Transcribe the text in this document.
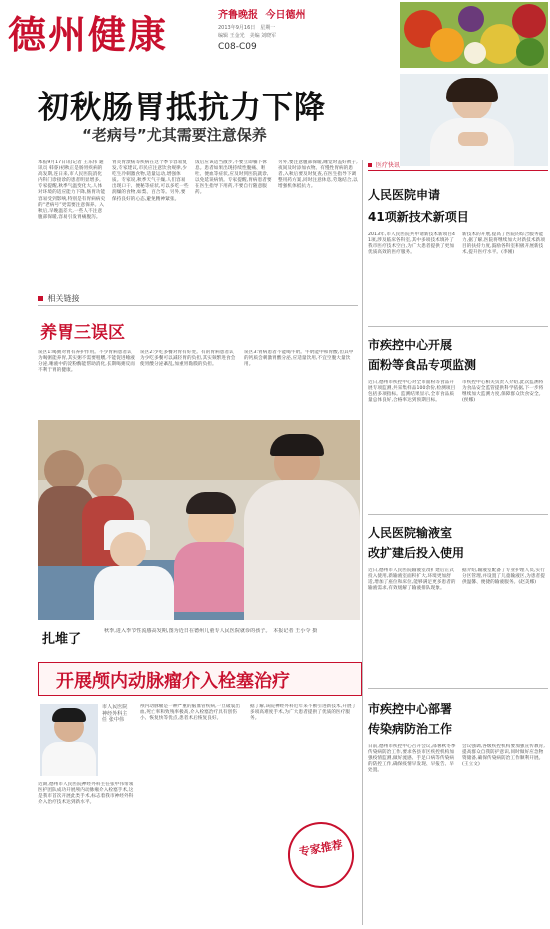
德州健康	齐鲁晚报 今日德州
2013年9月16日　星期一
编辑 王金光　美编 刘晓军
C08-C09
初秋肠胃抵抗力下降
“老病号”尤其需要注意保养
本报9月17日讯(记者 王乐伟 通讯员 韩睿)初秋正是肠胃疾病的高发期,连日来,市人民医院消化内科门诊接诊的患者明显增多。专家提醒,秋季气温变化大,人体对环境的适应能力下降,肠胃功能容易受到影响,特别是有胃病病史的“老病号”更需要注意保养。入秋后,早晚温差大,一些人不注意腹部保暖,容易引发胃痛腹泻。
胃炎胃溃疡等疾病在这个季节容易复发,专家建议,市民应注意饮食规律,少吃生冷刺激食物,适量运动,增强体质。专家说,秋季天气干燥,人们容易出现口干、便秘等症状,可以多吃一些润燥的食物,如梨、百合等。另外,要保持良好的心态,避免精神紧张。
饭后应该适当散步,不要立即躺下休息。患者如果出现持续性腹痛、呕吐、便血等症状,应及时到医院就诊,以免延误病情。专家提醒,胃病患者要在医生指导下用药,不要自行随意服药。
另外,要注意腹部保暖,睡觉时盖好被子,夜间及时添加衣物。有慢性胃病的患者,入秋后要及时复查,在医生指导下调整用药方案,同时注意休息,劳逸结合,以增强机体抵抗力。
相关链接
养胃三误区
误区1:喝粥对胃有养护作用。不少胃病患者认为喝粥能养胃,其实粥不需要咀嚼,不能促进唾液分泌,唾液中的淀粉酶能帮助消化,长期喝粥反而不利于胃的健康。
误区2:少吃多餐对胃有好处。有的胃病患者认为少吃多餐可以减轻胃的负担,其实频繁进食会使胃酸分泌紊乱,加重胃黏膜的负担。
误区3:胃病患者不能喝牛奶。牛奶能中和胃酸,但其中的钙质会刺激胃酸分泌,应适量饮用,不宜空腹大量饮用。
扎堆了
秋季,进入季节性流感高发期,图为近日在德州儿童专人民医院就诊的孩子。　本报记者 王小令 摄
开展颅内动脉瘤介入栓塞治疗
市人民医院神经外科主任 张中伟
近期,德州市人民医院神经外科主任张中伟带领医护团队成功开展颅内动脉瘤介入栓塞手术,这是我市首次开展此类手术,标志着我市神经外科介入治疗技术达到新水平。
颅内动脉瘤是一种严重的脑血管疾病,一旦破裂出血,死亡率和致残率极高,介入栓塞治疗具有创伤小、恢复快等优点,患者术后恢复良好。
据了解,该院神经外科近年来不断引进新技术,开展了多项高难度手术,为广大患者提供了优质的医疗服务。
专家推荐
医疗快讯
人民医院申请
41项新技术新项目
2013年,市人民医院共申请新技术新项目41项,涉及临床各科室,其中多项技术填补了我市医疗技术空白,为广大患者提供了更加优质高效的医疗服务。
新技术的开展,提高了医院的综合服务能力,据了解,医院将继续加大对新技术新项目的扶持力度,鼓励各科室积极开展新技术,提升医疗水平。(李刚)
市疾控中心开展
面粉等食品专项监测
近日,德州市疾控中心对全市面粉等食品开展专项监测,共采集样品100余份,检测项目包括多项指标。监测结果显示,全市食品质量总体良好,合格率达到预期目标。
市疾控中心相关负责人介绍,此次监测将为食品安全监管提供科学依据,下一步将继续加大监测力度,保障群众饮食安全。(侯娜)
人民医院输液室
改扩建后投入使用
近日,德州市人民医院输液室改扩建后正式投入使用,新输液室面积扩大,环境更加舒适,增加了座位和床位,能够满足更多患者的输液需求,有效缓解了输液排队现象。
据介绍,输液室配备了专业护理人员,实行分区管理,并设置了儿童输液区,为患者提供温馨、便捷的输液服务。(赵美娜)
市疾控中心部署
传染病防治工作
日前,德州市疾控中心召开会议,部署秋冬季传染病防治工作,要求各县市区疾控机构加强疫情监测,做好流感、手足口病等传染病的防控工作,确保疫情早发现、早报告、早处置。
会议强调,各级疾控机构要加强宣传教育,提高群众自我防护意识,同时做好应急物资储备,确保传染病防治工作顺利开展。(王立文)
